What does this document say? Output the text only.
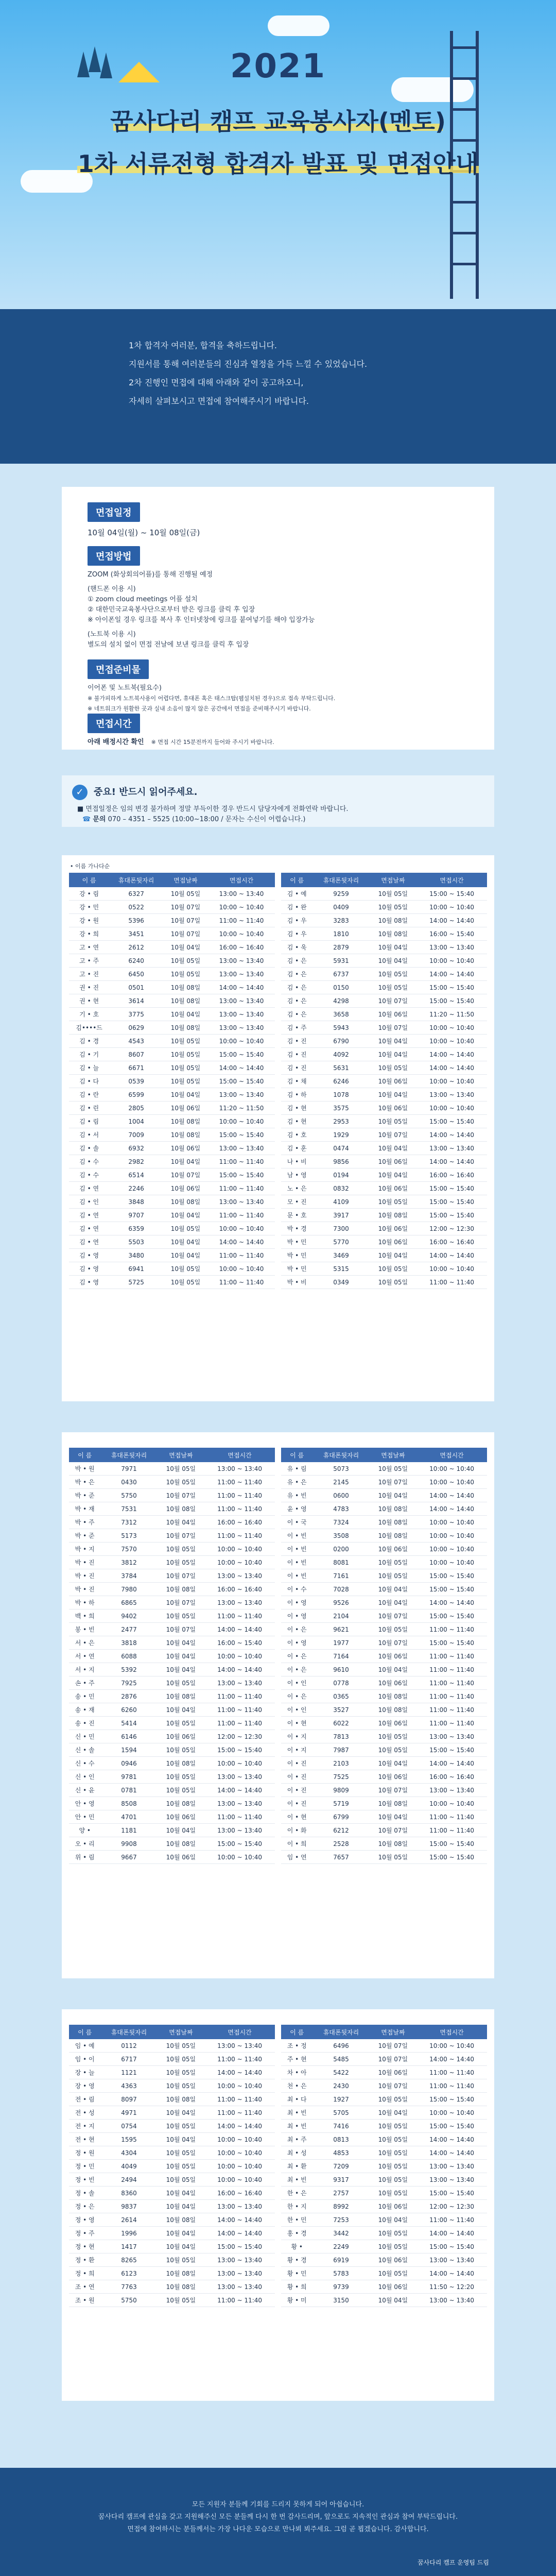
2021
꿈사다리 캠프 교육봉사자(멘토)
1차 서류전형 합격자 발표 및 면접안내

1차 합격자 여러분, 합격을 축하드립니다.

지원서를 통해 여러분들의 진심과 열정을 가득 느낄 수 있었습니다.

2차 진행인 면접에 대해 아래와 같이 공고하오니,

자세히 살펴보시고 면접에 참여해주시기 바랍니다.

면접일정
10월 04일(월) ~ 10월 08일(금)
면접방법
ZOOM (화상회의어플)를 통해 진행될 예정
(핸드폰 이용 시)
① zoom cloud meetings 어플 설치
② 대한민국교육봉사단으로부터 받은 링크를 클릭 후 입장
※ 아이폰일 경우 링크를 복사 후 인터넷창에 링크를 붙여넣기를 해야 입장가능
(노트북 이용 시)
별도의 설치 없이 면접 전날에 보낸 링크를 클릭 후 입장
면접준비물
이어폰 및 노트북(필요수)
※ 불가피하게 노트북사용이 어렵다면, 휴대폰 혹은 태스크탑(웹설치된 경우)으로 접속 부탁드립니다.
※ 네트워크가 원활한 곳과 실내 소음이 많지 않은 공간에서 면접을 준비해주시기 바랍니다.
면접시간
아래 배정시간 확인 ※ 면접 시간 15분전까지 들어와 주시기 바랍니다.
✓	중요! 반드시 읽어주세요.
■ 면접일정은 임의 변경 불가하며 정말 부득이한 경우 반드시 담당자에게 전화연락 바랍니다.
☎ 문의 070 – 4351 – 5525 (10:00~18:00 / 문자는 수신이 어렵습니다.)
• 이름 가나다순
이 름	휴대폰뒷자리	면접날짜	면접시간
강 • 림	6327	10월 05일	13:00 ~ 13:40
강 • 민	0522	10월 07일	10:00 ~ 10:40
강 • 원	5396	10월 07일	11:00 ~ 11:40
강 • 희	3451	10월 07일	10:00 ~ 10:40
고 • 연	2612	10월 04일	16:00 ~ 16:40
고 • 주	6240	10월 05일	13:00 ~ 13:40
고 • 진	6450	10월 05일	13:00 ~ 13:40
권 • 진	0501	10월 08일	14:00 ~ 14:40
권 • 현	3614	10월 08일	13:00 ~ 13:40
기 • 호	3775	10월 04일	13:00 ~ 13:40
김••••드	0629	10월 08일	13:00 ~ 13:40
김 • 경	4543	10월 05일	10:00 ~ 10:40
김 • 기	8607	10월 05일	15:00 ~ 15:40
김 • 늘	6671	10월 05일	14:00 ~ 14:40
김 • 다	0539	10월 05일	15:00 ~ 15:40
김 • 란	6599	10월 04일	13:00 ~ 13:40
김 • 린	2805	10월 06일	11:20 ~ 11:50
김 • 림	1004	10월 08일	10:00 ~ 10:40
김 • 서	7009	10월 08일	15:00 ~ 15:40
김 • 솔	6932	10월 06일	13:00 ~ 13:40
김 • 수	2982	10월 04일	11:00 ~ 11:40
김 • 수	6514	10월 07일	15:00 ~ 15:40
김 • 연	2246	10월 06일	11:00 ~ 11:40
김 • 인	3848	10월 08일	13:00 ~ 13:40
김 • 연	9707	10월 04일	11:00 ~ 11:40
김 • 연	6359	10월 05일	10:00 ~ 10:40
김 • 연	5503	10월 04일	14:00 ~ 14:40
김 • 영	3480	10월 04일	11:00 ~ 11:40
김 • 영	6941	10월 05일	10:00 ~ 10:40
김 • 영	5725	10월 05일	11:00 ~ 11:40
이 름	휴대폰뒷자리	면접날짜	면접시간
김 • 예	9259	10월 05일	15:00 ~ 15:40
김 • 완	0409	10월 05일	10:00 ~ 10:40
김 • 우	3283	10월 08일	14:00 ~ 14:40
김 • 우	1810	10월 08일	16:00 ~ 15:40
김 • 욱	2879	10월 04일	13:00 ~ 13:40
김 • 은	5931	10월 04일	10:00 ~ 10:40
김 • 은	6737	10월 05일	14:00 ~ 14:40
김 • 은	0150	10월 05일	15:00 ~ 15:40
김 • 은	4298	10월 07일	15:00 ~ 15:40
김 • 은	3658	10월 06일	11:20 ~ 11:50
김 • 주	5943	10월 07일	10:00 ~ 10:40
김 • 진	6790	10월 04일	10:00 ~ 10:40
김 • 진	4092	10월 04일	14:00 ~ 14:40
김 • 진	5631	10월 05일	14:00 ~ 14:40
김 • 채	6246	10월 06일	10:00 ~ 10:40
김 • 하	1078	10월 04일	13:00 ~ 13:40
김 • 현	3575	10월 06일	10:00 ~ 10:40
김 • 현	2953	10월 05일	15:00 ~ 15:40
김 • 호	1929	10월 07일	14:00 ~ 14:40
김 • 훈	0474	10월 04일	13:00 ~ 13:40
나 • 비	9856	10월 06일	14:00 ~ 14:40
남 • 영	0194	10월 04일	16:00 ~ 16:40
노 • 은	0832	10월 06일	15:00 ~ 15:40
모 • 진	4109	10월 05일	15:00 ~ 15:40
문 • 호	3917	10월 08일	15:00 ~ 15:40
박 • 경	7300	10월 06일	12:00 ~ 12:30
박 • 민	5770	10월 06일	16:00 ~ 16:40
박 • 민	3469	10월 04일	14:00 ~ 14:40
박 • 민	5315	10월 05일	10:00 ~ 10:40
박 • 비	0349	10월 05일	11:00 ~ 11:40
이 름	휴대폰뒷자리	면접날짜	면접시간
박 • 원	7971	10월 05일	13:00 ~ 13:40
박 • 은	0430	10월 05일	11:00 ~ 11:40
박 • 준	5750	10월 07일	11:00 ~ 11:40
박 • 재	7531	10월 08일	11:00 ~ 11:40
박 • 주	7312	10월 04일	16:00 ~ 16:40
박 • 준	5173	10월 07일	11:00 ~ 11:40
박 • 지	7570	10월 05일	10:00 ~ 10:40
박 • 진	3812	10월 05일	10:00 ~ 10:40
박 • 진	3784	10월 07일	13:00 ~ 13:40
박 • 진	7980	10월 08일	16:00 ~ 16:40
박 • 하	6865	10월 07일	13:00 ~ 13:40
백 • 희	9402	10월 05일	11:00 ~ 11:40
봉 • 빈	2477	10월 07일	14:00 ~ 14:40
서 • 은	3818	10월 04일	16:00 ~ 15:40
서 • 연	6088	10월 04일	10:00 ~ 10:40
서 • 지	5392	10월 04일	14:00 ~ 14:40
손 • 주	7925	10월 05일	13:00 ~ 13:40
송 • 민	2876	10월 08일	11:00 ~ 11:40
송 • 재	6260	10월 04일	11:00 ~ 11:40
송 • 진	5414	10월 05일	11:00 ~ 11:40
신 • 민	6146	10월 06일	12:00 ~ 12:30
신 • 솔	1594	10월 05일	15:00 ~ 15:40
신 • 수	0946	10월 08일	10:00 ~ 10:40
신 • 인	9781	10월 05일	13:00 ~ 13:40
신 • 윤	0781	10월 05일	14:00 ~ 14:40
안 • 영	8508	10월 08일	13:00 ~ 13:40
안 • 민	4701	10월 06일	11:00 ~ 11:40
양 •	1181	10월 04일	13:00 ~ 13:40
오 • 리	9908	10월 08일	15:00 ~ 15:40
위 • 림	9667	10월 06일	10:00 ~ 10:40
이 름	휴대폰뒷자리	면접날짜	면접시간
유 • 림	5073	10월 05일	10:00 ~ 10:40
유 • 은	2145	10월 07일	10:00 ~ 10:40
유 • 빈	0600	10월 04일	14:00 ~ 14:40
윤 • 영	4783	10월 08일	14:00 ~ 14:40
이 • 국	7324	10월 08일	10:00 ~ 10:40
이 • 빈	3508	10월 08일	10:00 ~ 10:40
이 • 빈	0200	10월 06일	10:00 ~ 10:40
이 • 빈	8081	10월 05일	10:00 ~ 10:40
이 • 빈	7161	10월 05일	15:00 ~ 15:40
이 • 수	7028	10월 04일	15:00 ~ 15:40
이 • 영	9526	10월 04일	14:00 ~ 14:40
이 • 영	2104	10월 07일	15:00 ~ 15:40
이 • 은	9621	10월 05일	11:00 ~ 11:40
이 • 영	1977	10월 07일	15:00 ~ 15:40
이 • 은	7164	10월 06일	11:00 ~ 11:40
이 • 은	9610	10월 04일	11:00 ~ 11:40
이 • 인	0778	10월 06일	11:00 ~ 11:40
이 • 은	0365	10월 08일	11:00 ~ 11:40
이 • 인	3527	10월 08일	11:00 ~ 11:40
이 • 현	6022	10월 06일	11:00 ~ 11:40
이 • 지	7813	10월 05일	13:00 ~ 13:40
이 • 지	7987	10월 05일	15:00 ~ 15:40
이 • 진	2103	10월 04일	14:00 ~ 14:40
이 • 진	7525	10월 06일	16:00 ~ 16:40
이 • 진	9809	10월 07일	13:00 ~ 13:40
이 • 진	5719	10월 08일	10:00 ~ 10:40
이 • 현	6799	10월 04일	11:00 ~ 11:40
이 • 화	6212	10월 07일	11:00 ~ 11:40
이 • 희	2528	10월 08일	15:00 ~ 15:40
임 • 연	7657	10월 05일	15:00 ~ 15:40
이 름	휴대폰뒷자리	면접날짜	면접시간
임 • 예	0112	10월 05일	13:00 ~ 13:40
임 • 이	6717	10월 05일	11:00 ~ 11:40
장 • 늘	1121	10월 05일	14:00 ~ 14:40
장 • 영	4363	10월 05일	10:00 ~ 10:40
전 • 림	8097	10월 08일	11:00 ~ 11:40
전 • 성	4971	10월 04일	11:00 ~ 11:40
전 • 지	0754	10월 05일	14:00 ~ 14:40
전 • 현	1595	10월 04일	10:00 ~ 10:40
정 • 원	4304	10월 05일	10:00 ~ 10:40
정 • 민	4049	10월 05일	10:00 ~ 10:40
정 • 빈	2494	10월 05일	10:00 ~ 10:40
정 • 솔	8360	10월 04일	16:00 ~ 16:40
정 • 은	9837	10월 04일	13:00 ~ 13:40
정 • 영	2614	10월 08일	14:00 ~ 14:40
정 • 주	1996	10월 04일	14:00 ~ 14:40
정 • 현	1417	10월 04일	15:00 ~ 15:40
정 • 환	8265	10월 05일	13:00 ~ 13:40
정 • 희	6123	10월 08일	13:00 ~ 13:40
조 • 연	7763	10월 08일	13:00 ~ 13:40
조 • 원	5750	10월 05일	11:00 ~ 11:40
이 름	휴대폰뒷자리	면접날짜	면접시간
조 • 정	6496	10월 07일	10:00 ~ 10:40
주 • 현	5485	10월 07일	14:00 ~ 14:40
차 • 아	5422	10월 06일	11:00 ~ 11:40
천 • 은	2430	10월 07일	11:00 ~ 11:40
최 • 다	1927	10월 05일	15:00 ~ 15:40
최 • 빈	5705	10월 04일	10:00 ~ 10:40
최 • 빈	7416	10월 05일	15:00 ~ 15:40
최 • 주	0813	10월 05일	14:00 ~ 14:40
최 • 성	4853	10월 05일	14:00 ~ 14:40
최 • 환	7209	10월 05일	13:00 ~ 13:40
최 • 빈	9317	10월 05일	13:00 ~ 13:40
한 • 은	2757	10월 05일	15:00 ~ 15:40
한 • 지	8992	10월 06일	12:00 ~ 12:30
한 • 민	7253	10월 04일	11:00 ~ 11:40
홍 • 경	3442	10월 05일	14:00 ~ 14:40
황 •	2249	10월 05일	15:00 ~ 15:40
황 • 경	6919	10월 06일	13:00 ~ 13:40
황 • 민	5783	10월 05일	14:00 ~ 14:40
황 • 희	9739	10월 06일	11:50 ~ 12:20
황 • 미	3150	10월 04일	13:00 ~ 13:40

모든 지원자 분들께 기회를 드리지 못하게 되어 아쉽습니다.

꿈사다리 캠프에 관심을 갖고 지원해주신 모든 분들께 다시 한 번 감사드리며, 앞으로도 지속적인 관심과 참여 부탁드립니다.

면접에 참여하시는 분들께서는 가장 나다운 모습으로 만나뵈 뵈주세요. 그럼 곧 뵙겠습니다. 감사합니다.

꿈사다리 캠프 운영팀 드림
